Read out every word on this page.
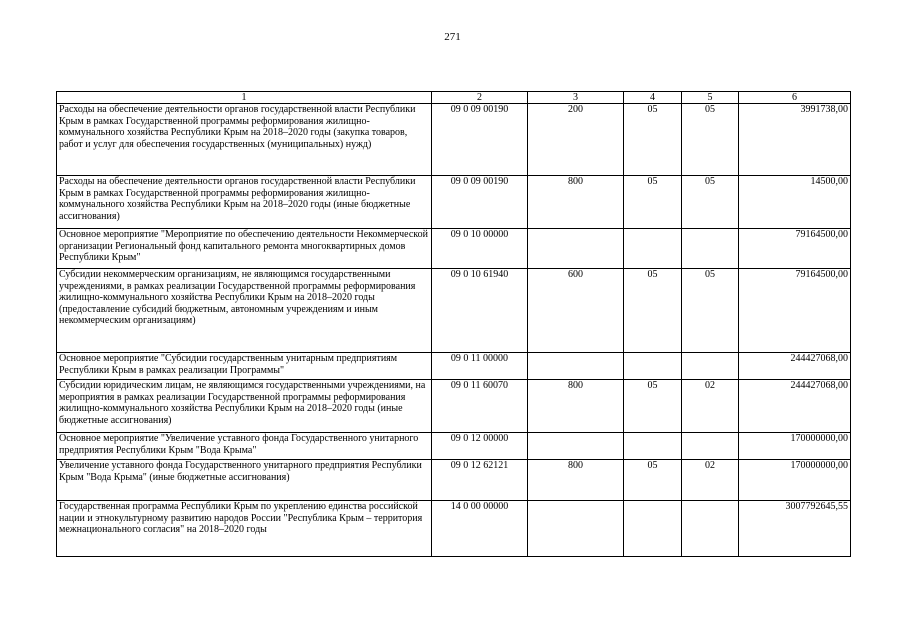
271
1	2	3	4	5	6
Расходы на обеспечение деятельности органов государственной власти Республики Крым в рамках Государственной программы реформирования жилищно-коммунального хозяйства Республики Крым на 2018–2020 годы (закупка товаров, работ и услуг для обеспечения государственных (муниципальных) нужд)	09 0 09 00190	200	05	05	3991738,00
Расходы на обеспечение деятельности органов государственной власти Республики Крым в рамках Государственной программы реформирования жилищно-коммунального хозяйства Республики Крым на 2018–2020 годы (иные бюджетные ассигнования)	09 0 09 00190	800	05	05	14500,00
Основное мероприятие "Мероприятие по обеспечению деятельности Некоммерческой организации Региональный фонд капитального ремонта многоквартирных домов Республики Крым"	09 0 10 00000				79164500,00
Субсидии некоммерческим организациям, не являющимся государственными учреждениями, в рамках реализации Государственной программы реформирования жилищно-коммунального хозяйства Республики Крым на 2018–2020 годы (предоставление субсидий бюджетным, автономным учреждениям и иным некоммерческим организациям)	09 0 10 61940	600	05	05	79164500,00
Основное мероприятие "Субсидии государственным унитарным предприятиям Республики Крым в рамках реализации Программы"	09 0 11 00000				244427068,00
Субсидии юридическим лицам, не являющимся государственными учреждениями, на мероприятия в рамках реализации Государственной программы реформирования жилищно-коммунального хозяйства Республики Крым на 2018–2020 годы (иные бюджетные ассигнования)	09 0 11 60070	800	05	02	244427068,00
Основное мероприятие "Увеличение уставного фонда Государственного унитарного предприятия Республики Крым "Вода Крыма"	09 0 12 00000				170000000,00
Увеличение уставного фонда Государственного унитарного предприятия Республики Крым "Вода Крыма" (иные бюджетные ассигнования)	09 0 12 62121	800	05	02	170000000,00
Государственная программа Республики Крым по укреплению единства российской нации и этнокультурному развитию народов России "Республика Крым – территория межнационального согласия" на 2018–2020 годы	14 0 00 00000				3007792645,55
